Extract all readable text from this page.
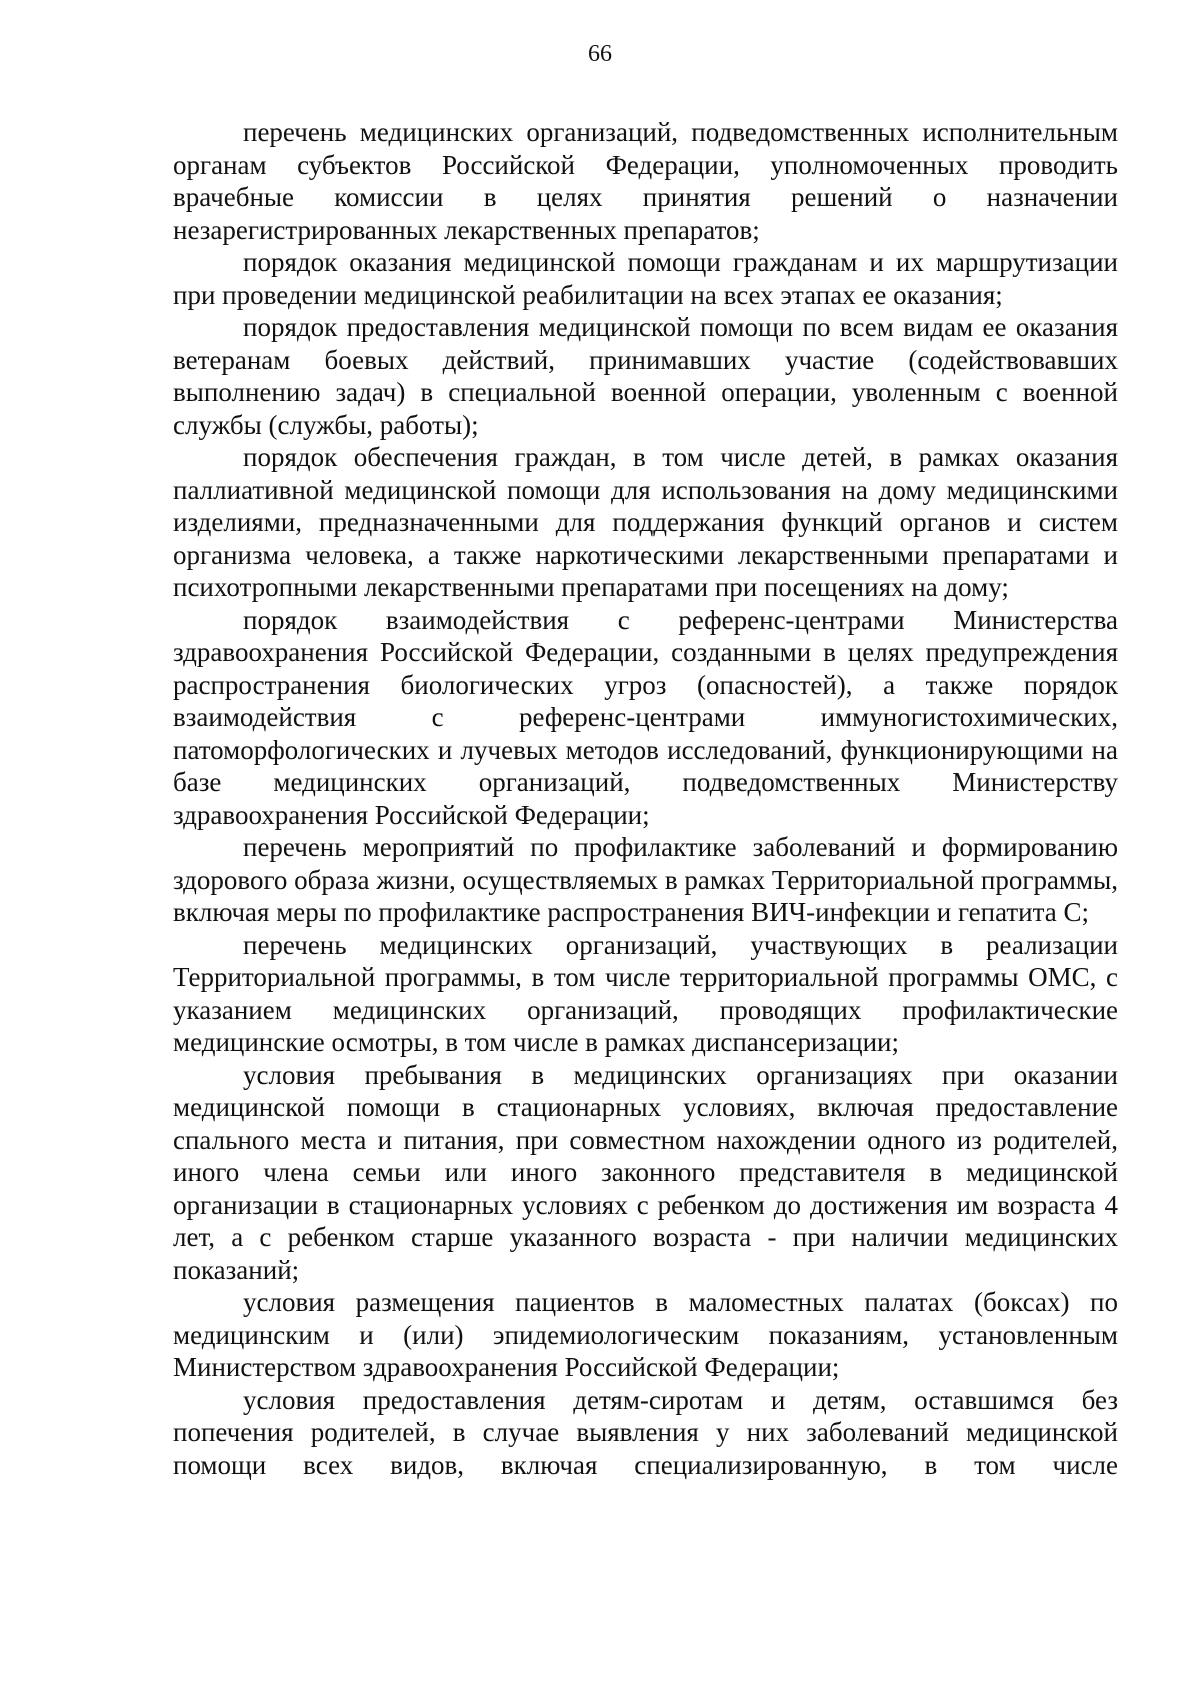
66

перечень медицинских организаций, подведомственных исполнительным органам субъектов Российской Федерации, уполномоченных проводить врачебные комиссии в целях принятия решений о назначении незарегистрированных лекарственных препаратов;

порядок оказания медицинской помощи гражданам и их маршрутизации при проведении медицинской реабилитации на всех этапах ее оказания;

порядок предоставления медицинской помощи по всем видам ее оказания ветеранам боевых действий, принимавших участие (содействовавших выполнению задач) в специальной военной операции, уволенным с военной службы (службы, работы);

порядок обеспечения граждан, в том числе детей, в рамках оказания паллиативной медицинской помощи для использования на дому медицинскими изделиями, предназначенными для поддержания функций органов и систем организма человека, а также наркотическими лекарственными препаратами и психотропными лекарственными препаратами при посещениях на дому;

порядок взаимодействия с референс-центрами Министерства здравоохранения Российской Федерации, созданными в целях предупреждения распространения биологических угроз (опасностей), а также порядок взаимодействия с референс-центрами иммуногистохимических, патоморфологических и лучевых методов исследований, функционирующими на базе медицинских организаций, подведомственных Министерству здравоохранения Российской Федерации;

перечень мероприятий по профилактике заболеваний и формированию здорового образа жизни, осуществляемых в рамках Территориальной программы, включая меры по профилактике распространения ВИЧ-инфекции и гепатита С;

перечень медицинских организаций, участвующих в реализации Территориальной программы, в том числе территориальной программы ОМС, с указанием медицинских организаций, проводящих профилактические медицинские осмотры, в том числе в рамках диспансеризации;

условия пребывания в медицинских организациях при оказании медицинской помощи в стационарных условиях, включая предоставление спального места и питания, при совместном нахождении одного из родителей, иного члена семьи или иного законного представителя в медицинской организации в стационарных условиях с ребенком до достижения им возраста 4 лет, а с ребенком старше указанного возраста - при наличии медицинских показаний;

условия размещения пациентов в маломестных палатах (боксах) по медицинским и (или) эпидемиологическим показаниям, установленным Министерством здравоохранения Российской Федерации;

условия предоставления детям-сиротам и детям, оставшимся без попечения родителей, в случае выявления у них заболеваний медицинской помощи всех видов, включая специализированную, в том числе
